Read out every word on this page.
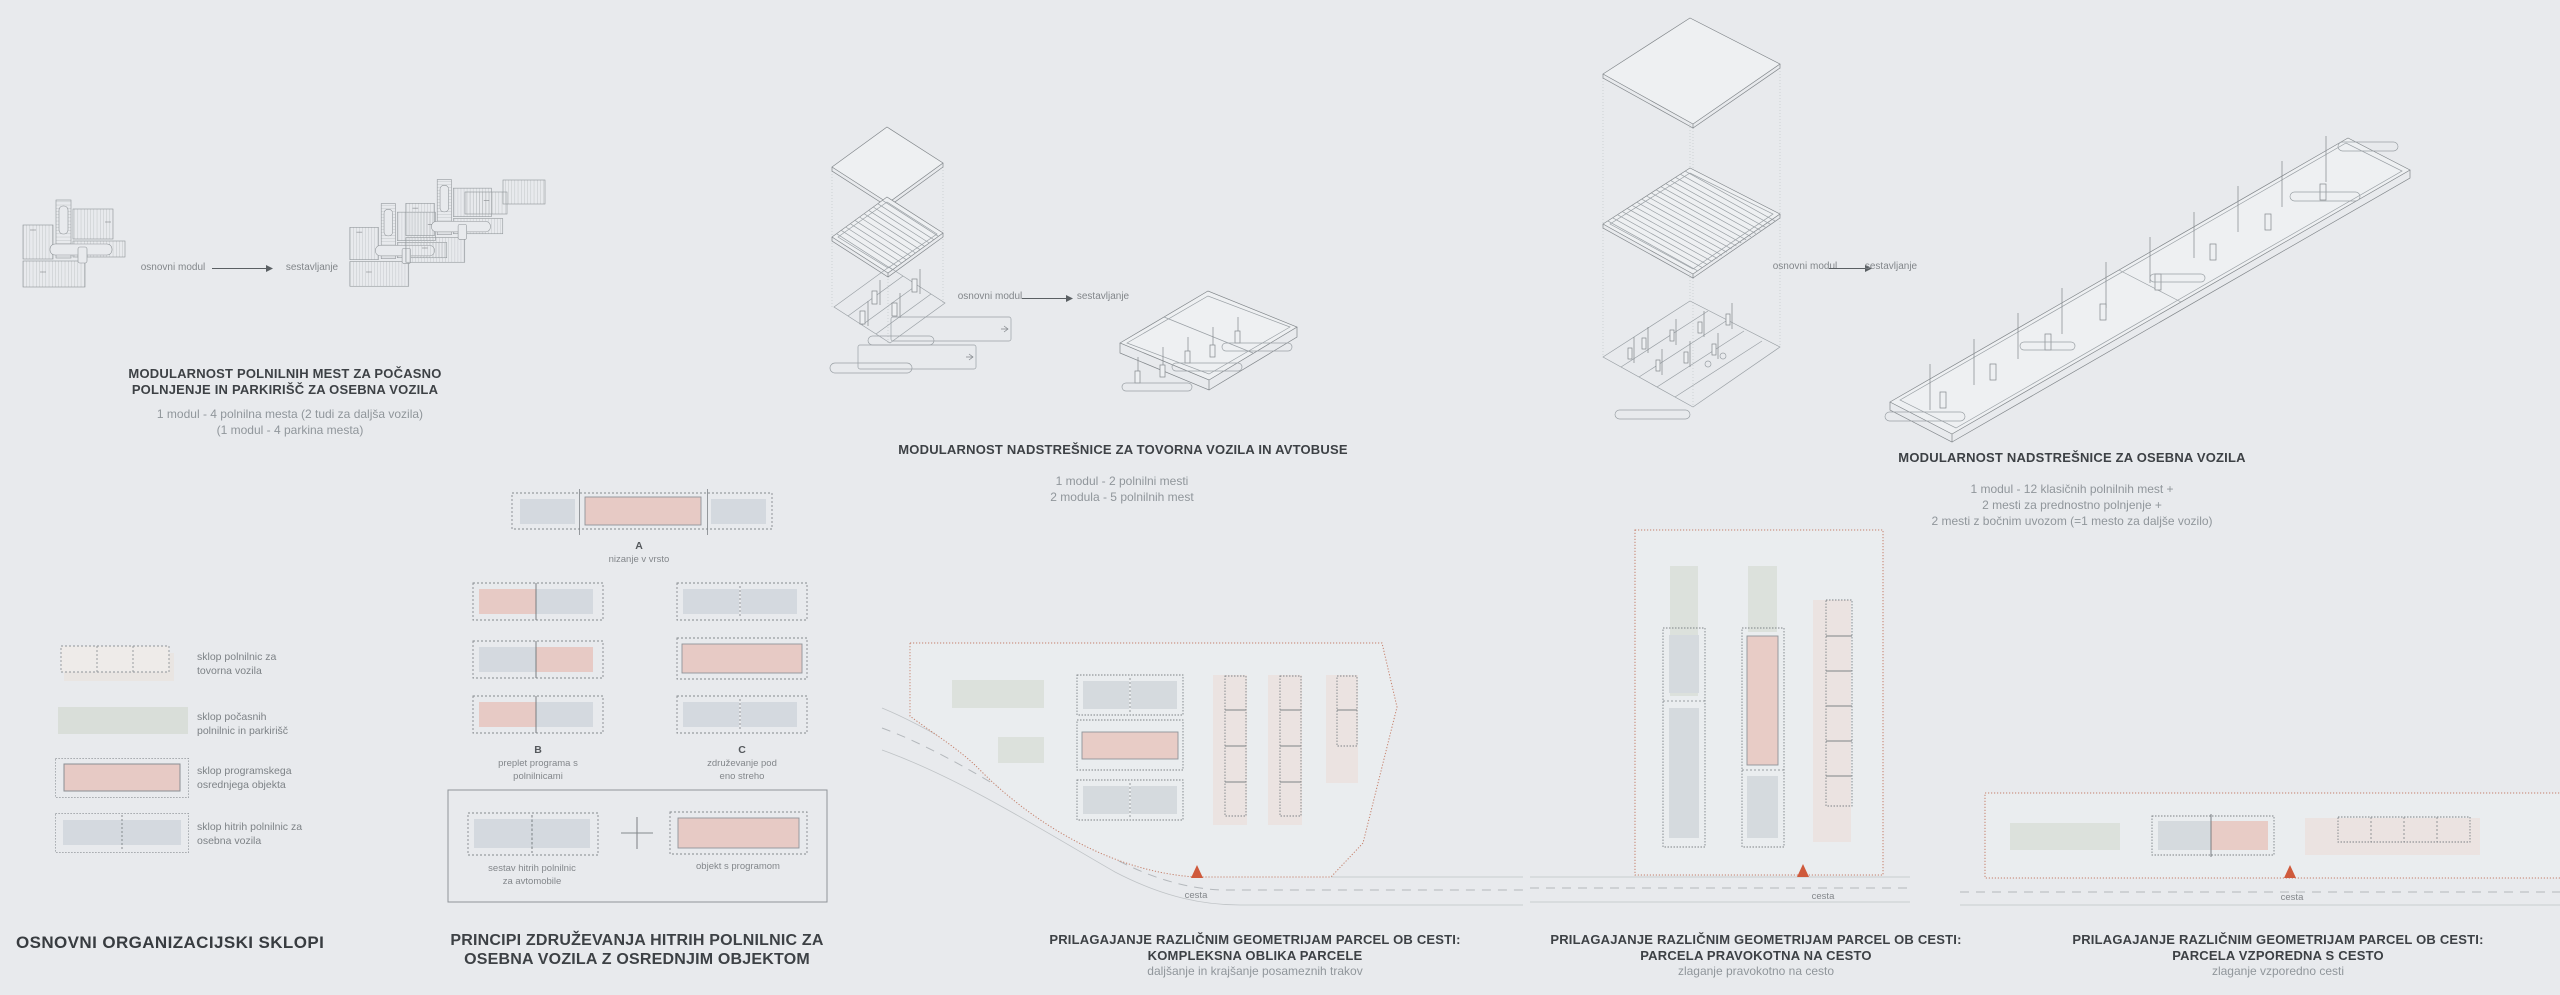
osnovni modul	sestavljanje
MODULARNOST POLNILNIH MEST ZA POČASNO
POLNJENJE IN PARKIRIŠČ ZA OSEBNA VOZILA
1 modul - 4 polnilna mesta (2 tudi za daljša vozila)
(1 modul - 4 parkina mesta)
sklop polnilnic za
tovorna vozila
sklop počasnih
polnilnic in parkirišč
sklop programskega
osrednjega objekta
sklop hitrih polnilnic za
osebna vozila
OSNOVNI ORGANIZACIJSKI SKLOPI
A
nizanje v vrsto
B
preplet programa s
polnilnicami
C
združevanje pod
eno streho
sestav hitrih polnilnic
za avtomobile
objekt s programom
PRINCIPI ZDRUŽEVANJA HITRIH POLNILNIC ZA
OSEBNA VOZILA Z OSREDNJIM OBJEKTOM
osnovni modul	sestavljanje
MODULARNOST NADSTREŠNICE ZA TOVORNA VOZILA IN AVTOBUSE
1 modul - 2 polnilni mesti
2 modula - 5 polnilnih mest
osnovni modul	sestavljanje
MODULARNOST NADSTREŠNICE ZA OSEBNA VOZILA
1 modul - 12 klasičnih polnilnih mest +
2 mesti za prednostno polnjenje +
2 mesti z bočnim uvozom (=1 mesto za daljše vozilo)
cesta
PRILAGAJANJE RAZLIČNIM GEOMETRIJAM PARCEL OB CESTI:
KOMPLEKSNA OBLIKA PARCELE
daljšanje in krajšanje posameznih trakov
cesta
PRILAGAJANJE RAZLIČNIM GEOMETRIJAM PARCEL OB CESTI:
PARCELA PRAVOKOTNA NA CESTO
zlaganje pravokotno na cesto
cesta
PRILAGAJANJE RAZLIČNIM GEOMETRIJAM PARCEL OB CESTI:
PARCELA VZPOREDNA S CESTO
zlaganje vzporedno cesti
